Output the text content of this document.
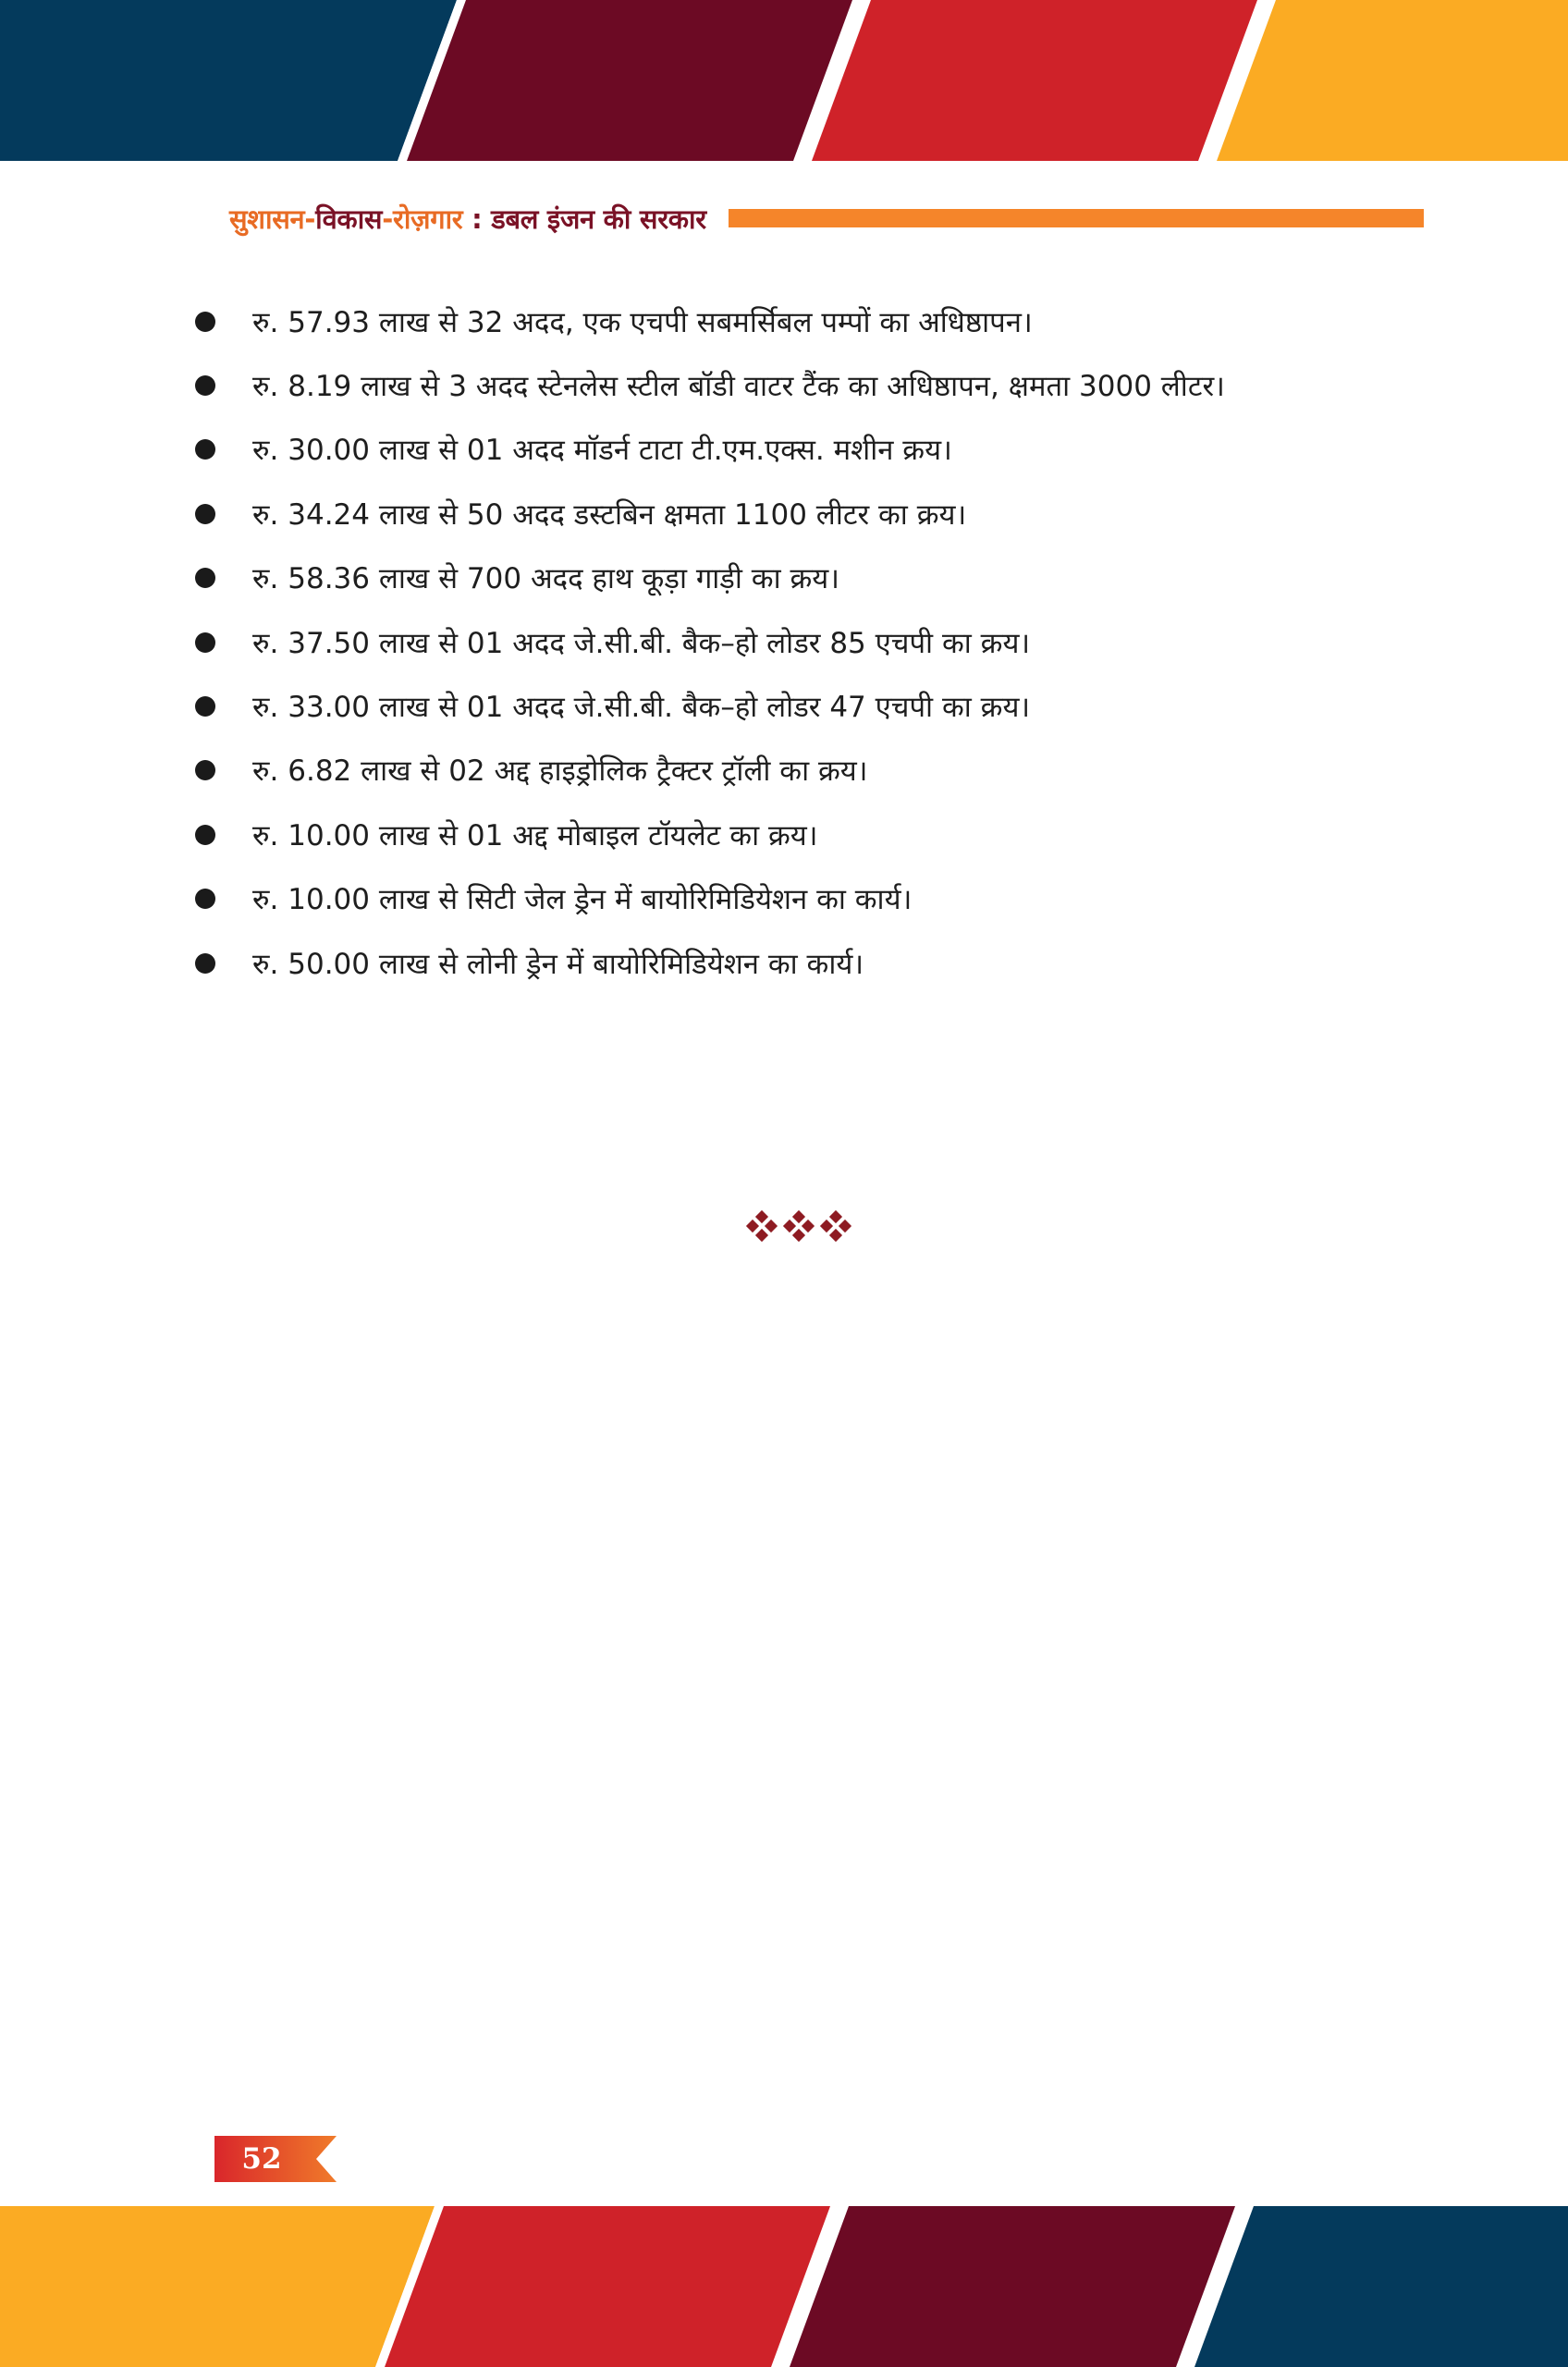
सुशासन-विकास-रोज़गार : डबल इंजन की सरकार
रु. 57.93 लाख से 32 अदद, एक एचपी सबमर्सिबल पम्पों का अधिष्ठापन।
रु. 8.19 लाख से 3 अदद स्टेनलेस स्टील बॉडी वाटर टैंक का अधिष्ठापन, क्षमता 3000 लीटर।
रु. 30.00 लाख से 01 अदद मॉडर्न टाटा टी.एम.एक्स. मशीन क्रय।
रु. 34.24 लाख से 50 अदद डस्टबिन क्षमता 1100 लीटर का क्रय।
रु. 58.36 लाख से 700 अदद हाथ कूड़ा गाड़ी का क्रय।
रु. 37.50 लाख से 01 अदद जे.सी.बी. बैक–हो लोडर 85 एचपी का क्रय।
रु. 33.00 लाख से 01 अदद जे.सी.बी. बैक–हो लोडर 47 एचपी का क्रय।
रु. 6.82 लाख से 02 अद्द हाइड्रोलिक ट्रैक्टर ट्रॉली का क्रय।
रु. 10.00 लाख से 01 अद्द मोबाइल टॉयलेट का क्रय।
रु. 10.00 लाख से सिटी जेल ड्रेन में बायोरिमिडियेशन का कार्य।
रु. 50.00 लाख से लोनी ड्रेन में बायोरिमिडियेशन का कार्य।
52
